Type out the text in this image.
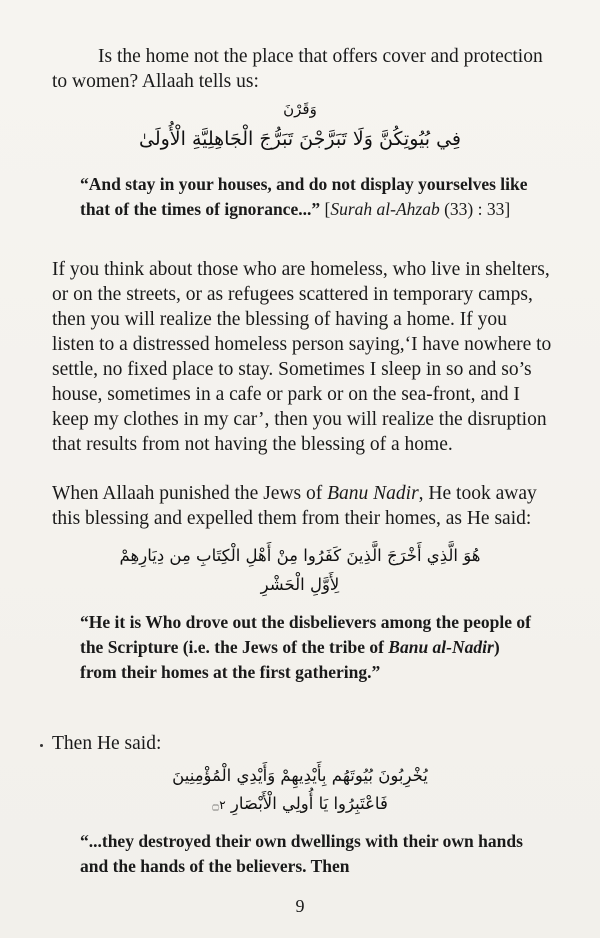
Is the home not the place that offers cover and protection to women? Allaah tells us:

وَقَرْنَ
فِي بُيُوتِكُنَّ وَلَا تَبَرَّجْنَ تَبَرُّجَ الْجَاهِلِيَّةِ الْأُولَىٰ

“And stay in your houses, and do not display yourselves like that of the times of ignorance...” [Surah al-Ahzab (33) : 33]

If you think about those who are homeless, who live in shelters, or on the streets, or as refugees scattered in temporary camps, then you will realize the blessing of having a home. If you listen to a distressed homeless person saying,‘I have nowhere to settle, no fixed place to stay. Sometimes I sleep in so and so’s house, sometimes in a cafe or park or on the sea-front, and I keep my clothes in my car’, then you will realize the disruption that results from not having the blessing of a home.

When Allaah punished the Jews of Banu Nadir, He took away this blessing and expelled them from their homes, as He said:

هُوَ الَّذِي أَخْرَجَ الَّذِينَ كَفَرُوا مِنْ أَهْلِ الْكِتَابِ مِن دِيَارِهِمْ
لِأَوَّلِ الْحَشْرِ

“He it is Who drove out the disbelievers among the people of the Scripture (i.e. the Jews of the tribe of Banu al-Nadir) from their homes at the first gathering.”

Then He said:

يُخْرِبُونَ بُيُوتَهُم بِأَيْدِيهِمْ وَأَيْدِي الْمُؤْمِنِينَ
فَاعْتَبِرُوا يَا أُولِي الْأَبْصَارِ ۝٢

“...they destroyed their own dwellings with their own hands and the hands of the believers. Then

9
